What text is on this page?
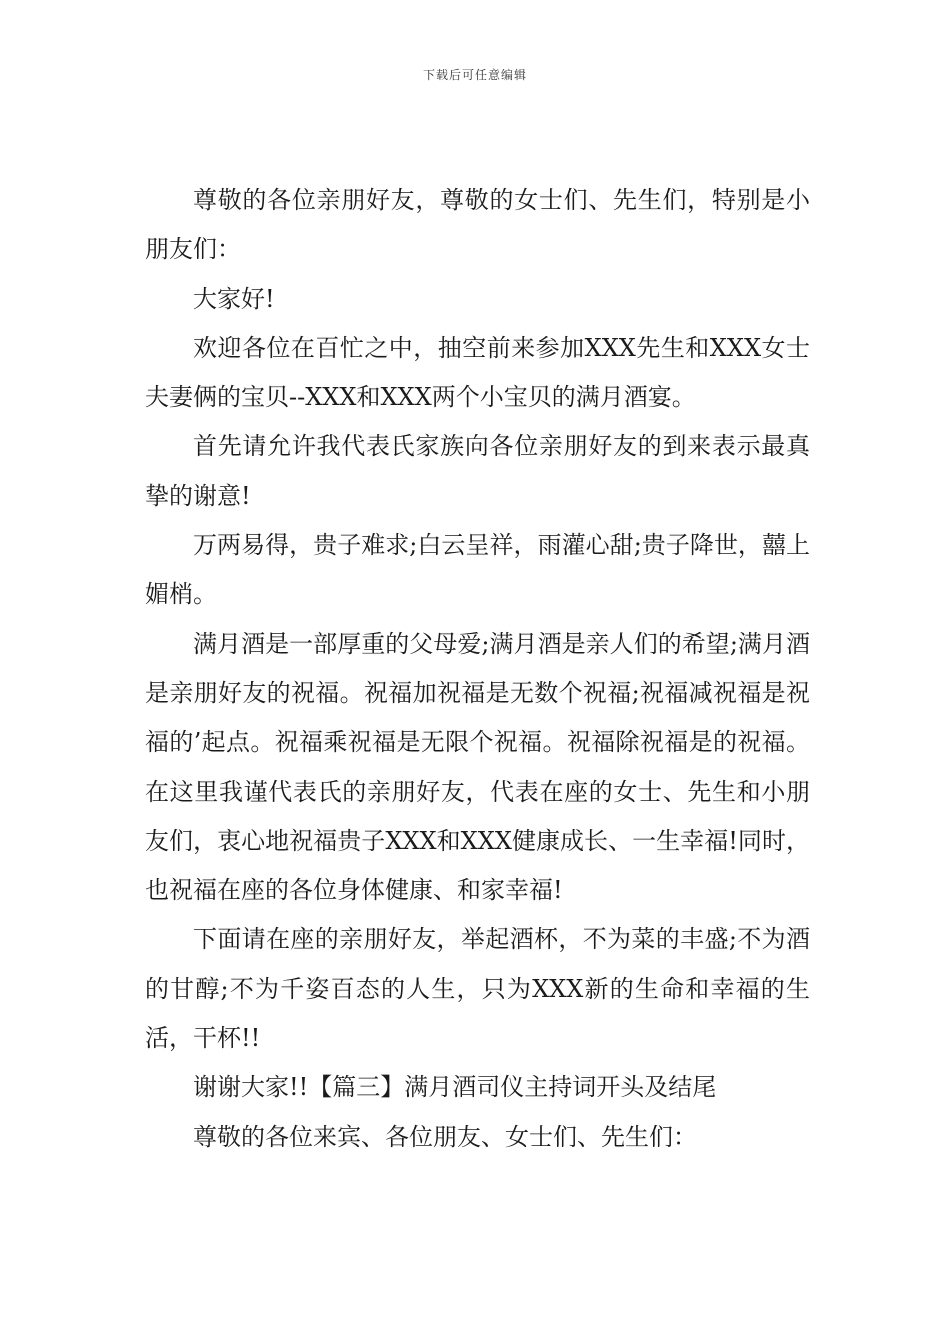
下载后可任意编辑

尊敬的各位亲朋好友，尊敬的女士们、先生们，特别是小朋友们：

大家好!

欢迎各位在百忙之中，抽空前来参加XXX先生和XXX女士夫妻俩的宝贝--XXX和XXX两个小宝贝的满月酒宴。

首先请允许我代表氏家族向各位亲朋好友的到来表示最真挚的谢意!

万两易得，贵子难求;白云呈祥，雨灌心甜;贵子降世，囍上媚梢。

满月酒是一部厚重的父母爱;满月酒是亲人们的希望;满月酒是亲朋好友的祝福。祝福加祝福是无数个祝福;祝福减祝福是祝福的’起点。祝福乘祝福是无限个祝福。祝福除祝福是的祝福。在这里我谨代表氏的亲朋好友，代表在座的女士、先生和小朋友们，衷心地祝福贵子XXX和XXX健康成长、一生幸福!同时，也祝福在座的各位身体健康、和家幸福!

下面请在座的亲朋好友，举起酒杯，不为菜的丰盛;不为酒的甘醇;不为千姿百态的人生，只为XXX新的生命和幸福的生活，干杯!!

谢谢大家!!【篇三】满月酒司仪主持词开头及结尾

尊敬的各位来宾、各位朋友、女士们、先生们：
